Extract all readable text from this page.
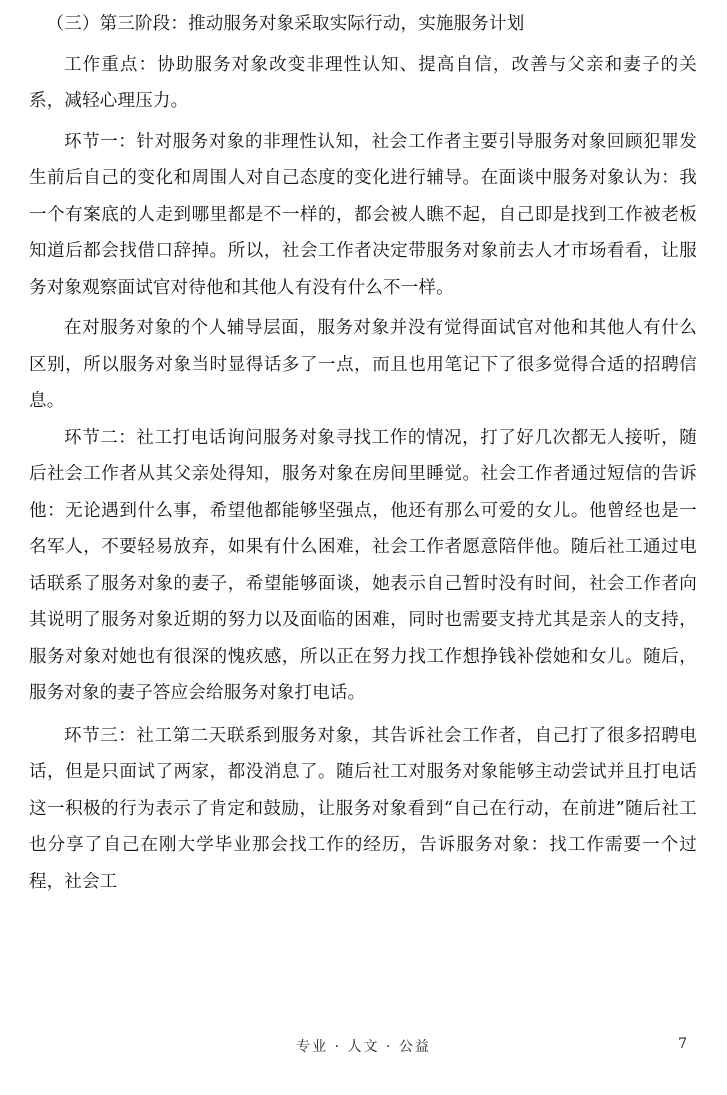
（三）第三阶段：推动服务对象采取实际行动，实施服务计划

工作重点：协助服务对象改变非理性认知、提高自信，改善与父亲和妻子的关系，减轻心理压力。

环节一：针对服务对象的非理性认知，社会工作者主要引导服务对象回顾犯罪发生前后自己的变化和周围人对自己态度的变化进行辅导。在面谈中服务对象认为：我一个有案底的人走到哪里都是不一样的，都会被人瞧不起，自己即是找到工作被老板知道后都会找借口辞掉。所以，社会工作者决定带服务对象前去人才市场看看，让服务对象观察面试官对待他和其他人有没有什么不一样。

在对服务对象的个人辅导层面，服务对象并没有觉得面试官对他和其他人有什么区别，所以服务对象当时显得话多了一点，而且也用笔记下了很多觉得合适的招聘信息。

环节二：社工打电话询问服务对象寻找工作的情况，打了好几次都无人接听，随后社会工作者从其父亲处得知，服务对象在房间里睡觉。社会工作者通过短信的告诉他：无论遇到什么事，希望他都能够坚强点，他还有那么可爱的女儿。他曾经也是一名军人，不要轻易放弃，如果有什么困难，社会工作者愿意陪伴他。随后社工通过电话联系了服务对象的妻子，希望能够面谈，她表示自己暂时没有时间，社会工作者向其说明了服务对象近期的努力以及面临的困难，同时也需要支持尤其是亲人的支持，服务对象对她也有很深的愧疚感，所以正在努力找工作想挣钱补偿她和女儿。随后，服务对象的妻子答应会给服务对象打电话。

环节三：社工第二天联系到服务对象，其告诉社会工作者，自己打了很多招聘电话，但是只面试了两家，都没消息了。随后社工对服务对象能够主动尝试并且打电话这一积极的行为表示了肯定和鼓励，让服务对象看到“自己在行动，在前进”随后社工也分享了自己在刚大学毕业那会找工作的经历，告诉服务对象：找工作需要一个过程，社会工

专业 · 人文 · 公益	7
